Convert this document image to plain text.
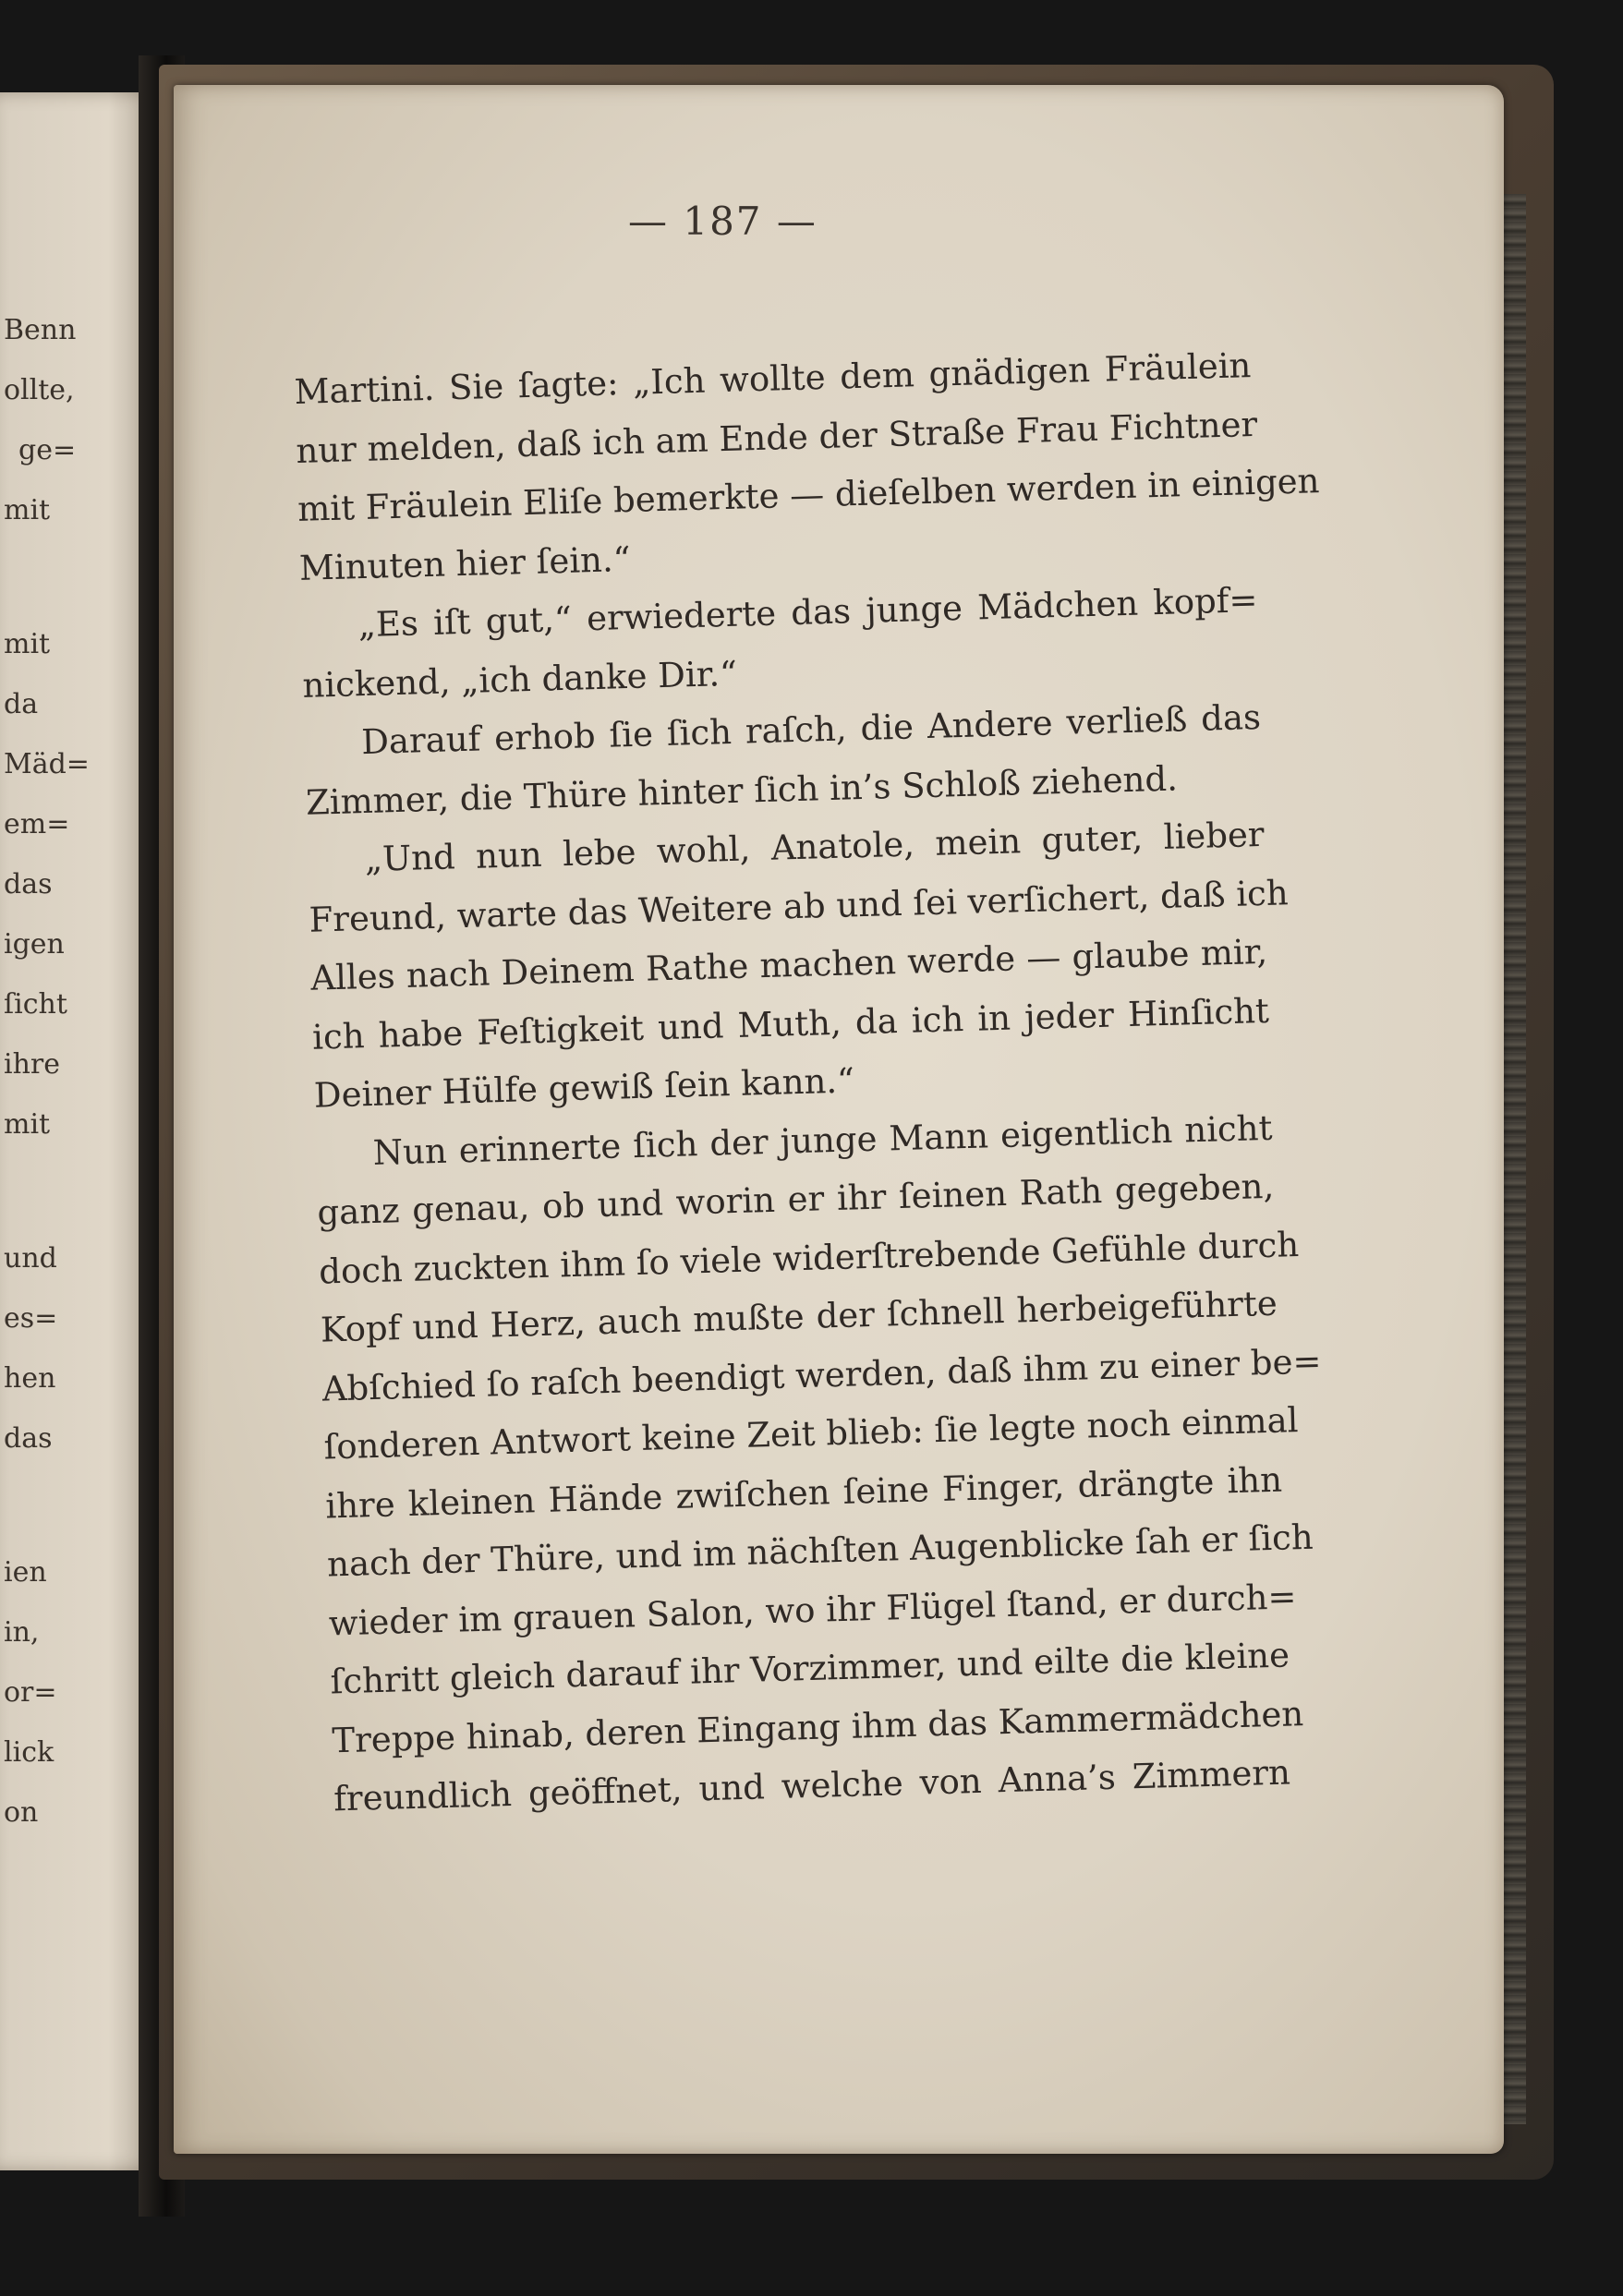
Benn
ollte,
ge=
mit
mit
da
Mäd=
em=
das
igen
ſicht
ihre
mit
und
es=
hen
das
ien
in,
or=
lick
on
— 187 —
Martini. Sie ſagte: „Ich wollte dem gnädigen Fräulein
nur melden, daß ich am Ende der Straße Frau Fichtner
mit Fräulein Eliſe bemerkte — dieſelben werden in einigen
Minuten hier ſein.“
„Es iſt gut,“ erwiederte das junge Mädchen kopf=
nickend, „ich danke Dir.“
Darauf erhob ſie ſich raſch, die Andere verließ das
Zimmer, die Thüre hinter ſich in’s Schloß ziehend.
„Und nun lebe wohl, Anatole, mein guter, lieber
Freund, warte das Weitere ab und ſei verſichert, daß ich
Alles nach Deinem Rathe machen werde — glaube mir,
ich habe Feſtigkeit und Muth, da ich in jeder Hinſicht
Deiner Hülfe gewiß ſein kann.“
Nun erinnerte ſich der junge Mann eigentlich nicht
ganz genau, ob und worin er ihr ſeinen Rath gegeben,
doch zuckten ihm ſo viele widerſtrebende Gefühle durch
Kopf und Herz, auch mußte der ſchnell herbeigeführte
Abſchied ſo raſch beendigt werden, daß ihm zu einer be=
ſonderen Antwort keine Zeit blieb: ſie legte noch einmal
ihre kleinen Hände zwiſchen ſeine Finger, drängte ihn
nach der Thüre, und im nächſten Augenblicke ſah er ſich
wieder im grauen Salon, wo ihr Flügel ſtand, er durch=
ſchritt gleich darauf ihr Vorzimmer, und eilte die kleine
Treppe hinab, deren Eingang ihm das Kammermädchen
freundlich geöffnet, und welche von Anna’s Zimmern
